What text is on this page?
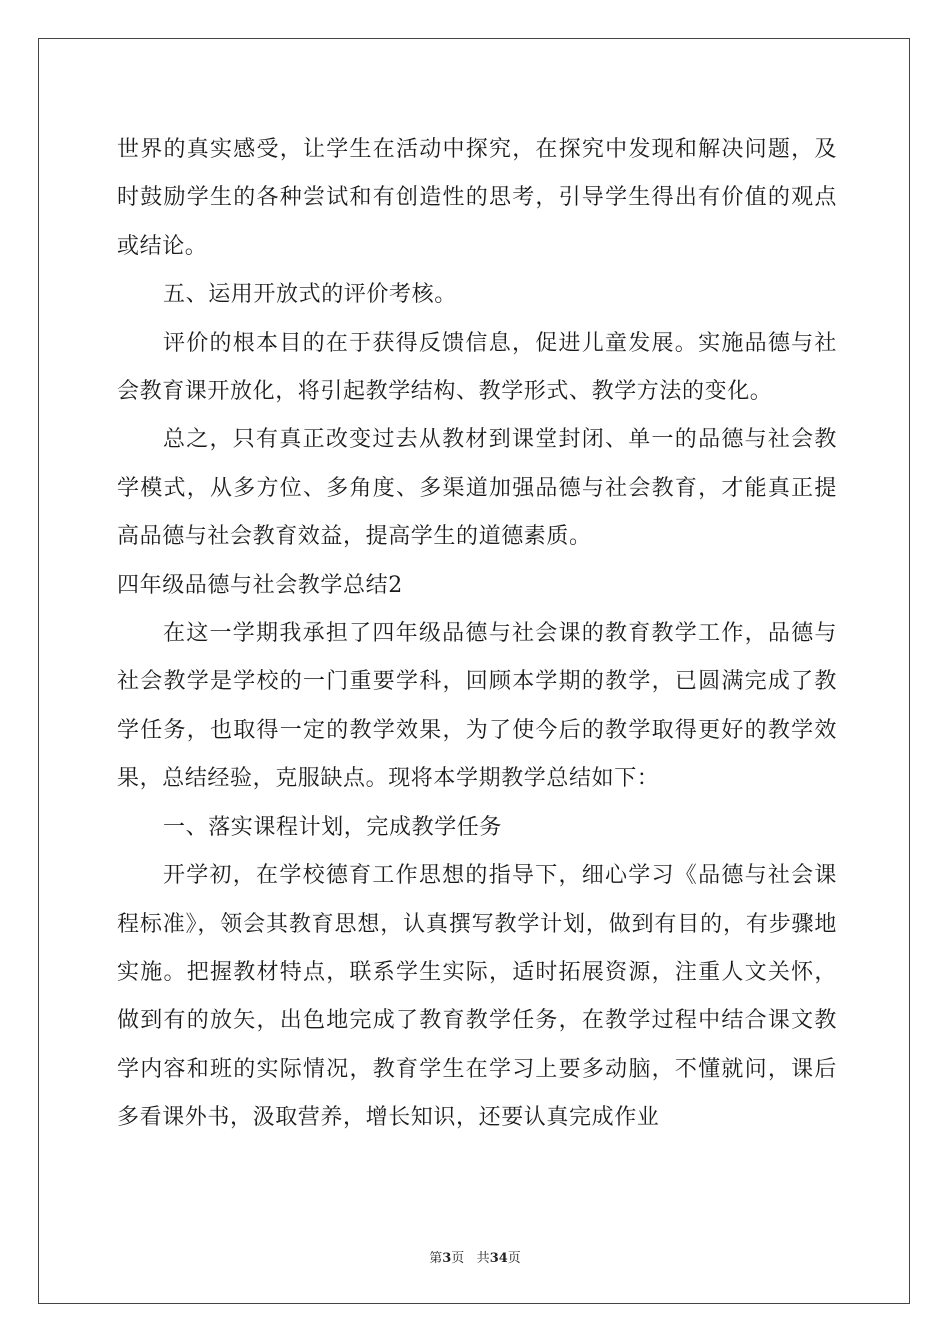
世界的真实感受，让学生在活动中探究，在探究中发现和解决问题，及时鼓励学生的各种尝试和有创造性的思考，引导学生得出有价值的观点或结论。

五、运用开放式的评价考核。

评价的根本目的在于获得反馈信息，促进儿童发展。实施品德与社会教育课开放化，将引起教学结构、教学形式、教学方法的变化。

总之，只有真正改变过去从教材到课堂封闭、单一的品德与社会教学模式，从多方位、多角度、多渠道加强品德与社会教育，才能真正提高品德与社会教育效益，提高学生的道德素质。

四年级品德与社会教学总结2

在这一学期我承担了四年级品德与社会课的教育教学工作，品德与社会教学是学校的一门重要学科，回顾本学期的教学，已圆满完成了教学任务，也取得一定的教学效果，为了使今后的教学取得更好的教学效果，总结经验，克服缺点。现将本学期教学总结如下：

一、落实课程计划，完成教学任务

开学初，在学校德育工作思想的指导下，细心学习《品德与社会课程标准》，领会其教育思想，认真撰写教学计划，做到有目的，有步骤地实施。把握教材特点，联系学生实际，适时拓展资源，注重人文关怀，做到有的放矢，出色地完成了教育教学任务，在教学过程中结合课文教学内容和班的实际情况，教育学生在学习上要多动脑，不懂就问，课后多看课外书，汲取营养，增长知识，还要认真完成作业

第3页 共34页
